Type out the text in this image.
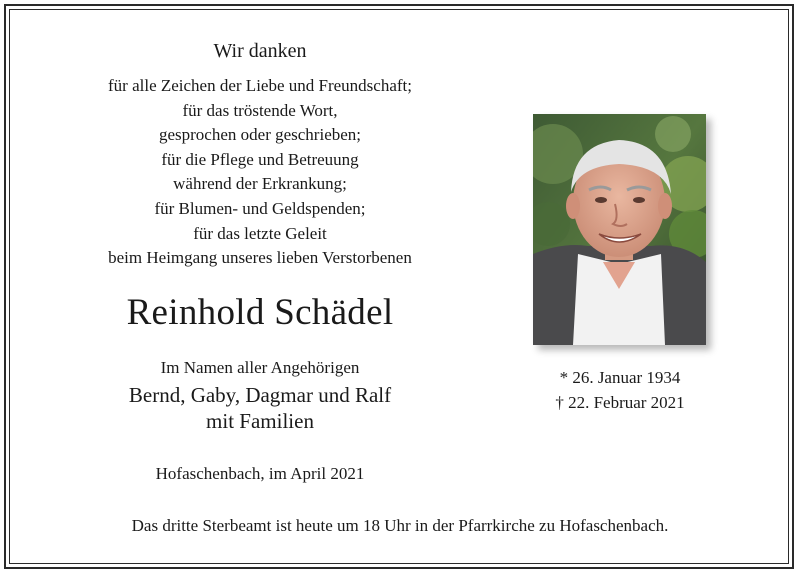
Wir danken
für alle Zeichen der Liebe und Freundschaft;
für das tröstende Wort,
gesprochen oder geschrieben;
für die Pflege und Betreuung
während der Erkrankung;
für Blumen- und Geldspenden;
für das letzte Geleit
beim Heimgang unseres lieben Verstorbenen
Reinhold Schädel
Im Namen aller Angehörigen
Bernd, Gaby, Dagmar und Ralf
mit Familien
Hofaschenbach, im April 2021
* 26. Januar 1934
† 22. Februar 2021
Das dritte Sterbeamt ist heute um 18 Uhr in der Pfarrkirche zu Hofaschenbach.
